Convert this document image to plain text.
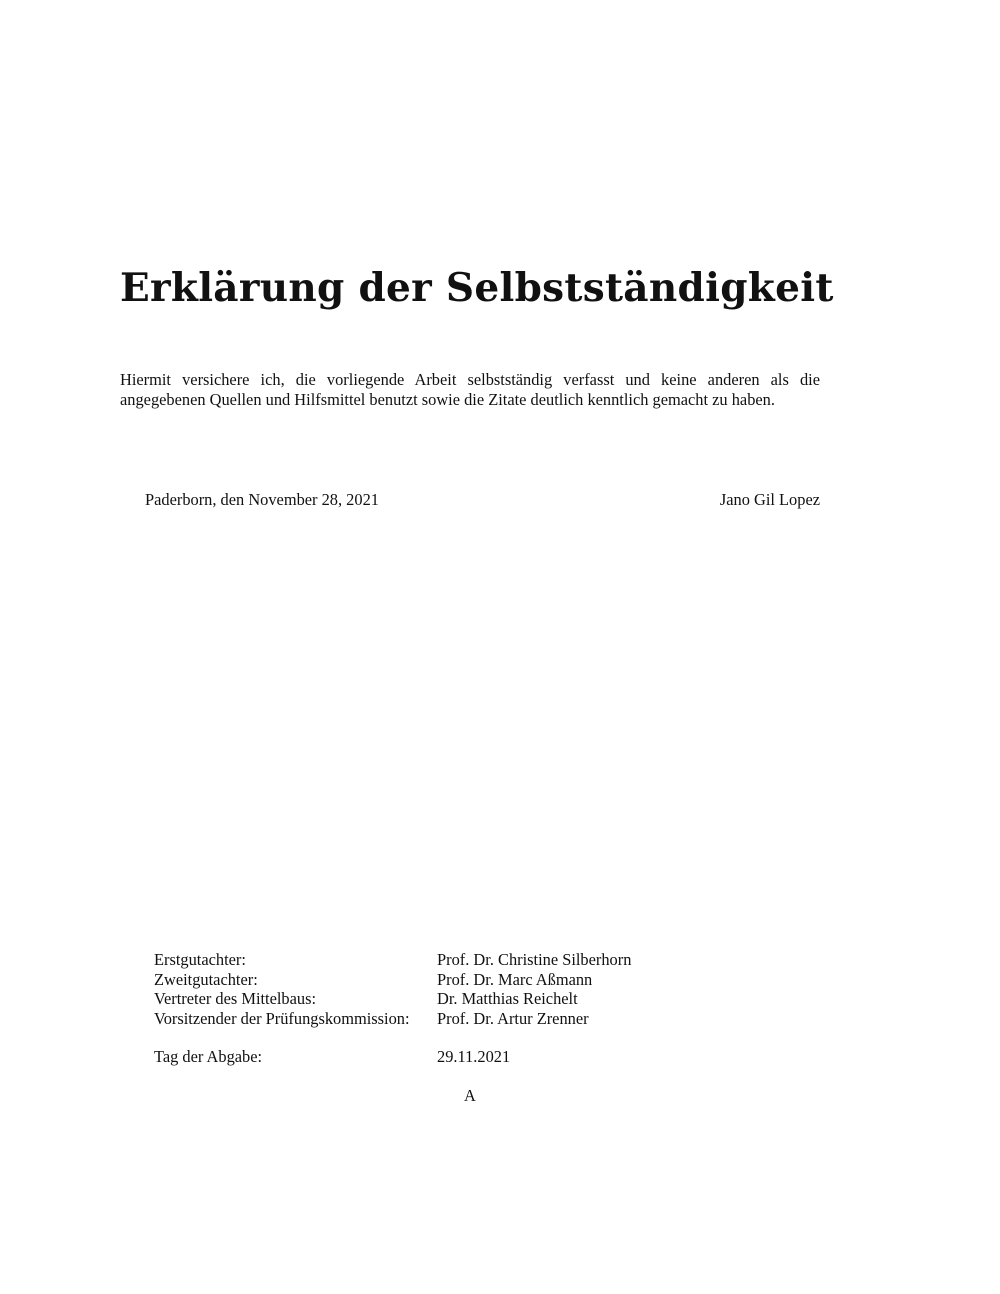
Erklärung der Selbstständigkeit

Hiermit versichere ich, die vorliegende Arbeit selbstständig verfasst und keine anderen als die angegebenen Quellen und Hilfsmittel benutzt sowie die Zitate deutlich kenntlich gemacht zu haben.

Paderborn, den November 28, 2021	Jano Gil Lopez
Erstgutachter:	Prof. Dr. Christine Silberhorn
Zweitgutachter:	Prof. Dr. Marc Aßmann
Vertreter des Mittelbaus:	Dr. Matthias Reichelt
Vorsitzender der Prüfungskommission: Prof. Dr. Artur Zrenner
Tag der Abgabe:	29.11.2021
A
